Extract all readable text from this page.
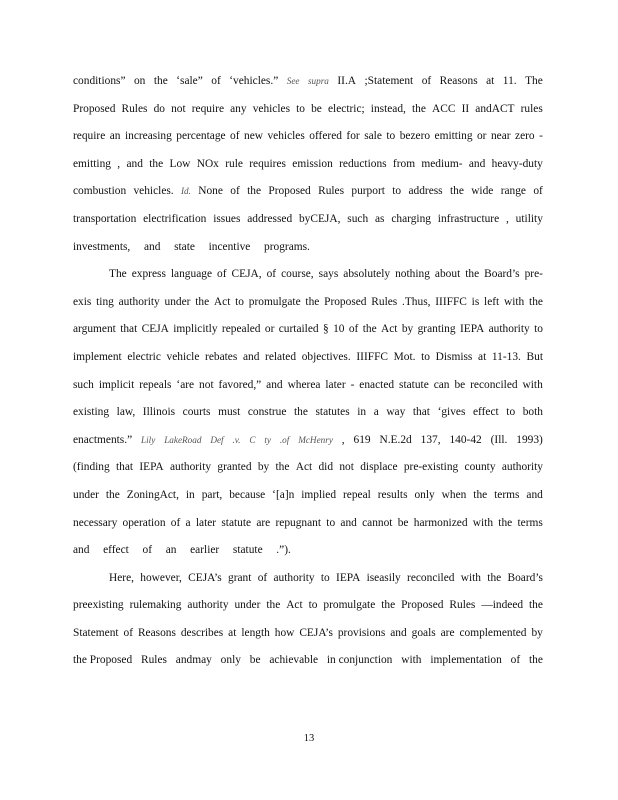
conditions” on the ‘sale” of ‘vehicles.” See supra II.A ;Statement of Reasons at 11. The
Proposed Rules do not require any vehicles to be electric; instead, the ACC II andACT rules
require an increasing percentage of new vehicles offered for sale to bezero emitting or near zero -
emitting , and the Low NOx rule requires emission reductions from medium- and heavy-duty
combustion vehicles. Id. None of the Proposed Rules purport to address the wide range of
transportation electrification issues addressed byCEJA, such as charging infrastructure , utility
investments, and state incentive programs.
The express language of CEJA, of course, says absolutely nothing about the Board’s pre-
exis ting authority under the Act to promulgate the Proposed Rules .Thus, IIIFFC is left with the
argument that CEJA implicitly repealed or curtailed § 10 of the Act by granting IEPA authority to
implement electric vehicle rebates and related objectives. IIIFFC Mot. to Dismiss at 11-13. But
such implicit repeals ‘are not favored,” and wherea later - enacted statute can be reconciled with
existing law, Illinois courts must construe the statutes in a way that ‘gives effect to both
enactments.” Lily LakeRoad Def .v. C ty .of McHenry , 619 N.E.2d 137, 140-42 (Ill. 1993)
(finding that IEPA authority granted by the Act did not displace pre-existing county authority
under the ZoningAct, in part, because ‘[a]n implied repeal results only when the terms and
necessary operation of a later statute are repugnant to and cannot be harmonized with the terms
and effect of an earlier statute .”).
Here, however, CEJA’s grant of authority to IEPA iseasily reconciled with the Board’s
preexisting rulemaking authority under the Act to promulgate the Proposed Rules —indeed the
Statement of Reasons describes at length how CEJA’s provisions and goals are complemented by
the Proposed Rules andmay only be achievable in conjunction with implementation of the
13
